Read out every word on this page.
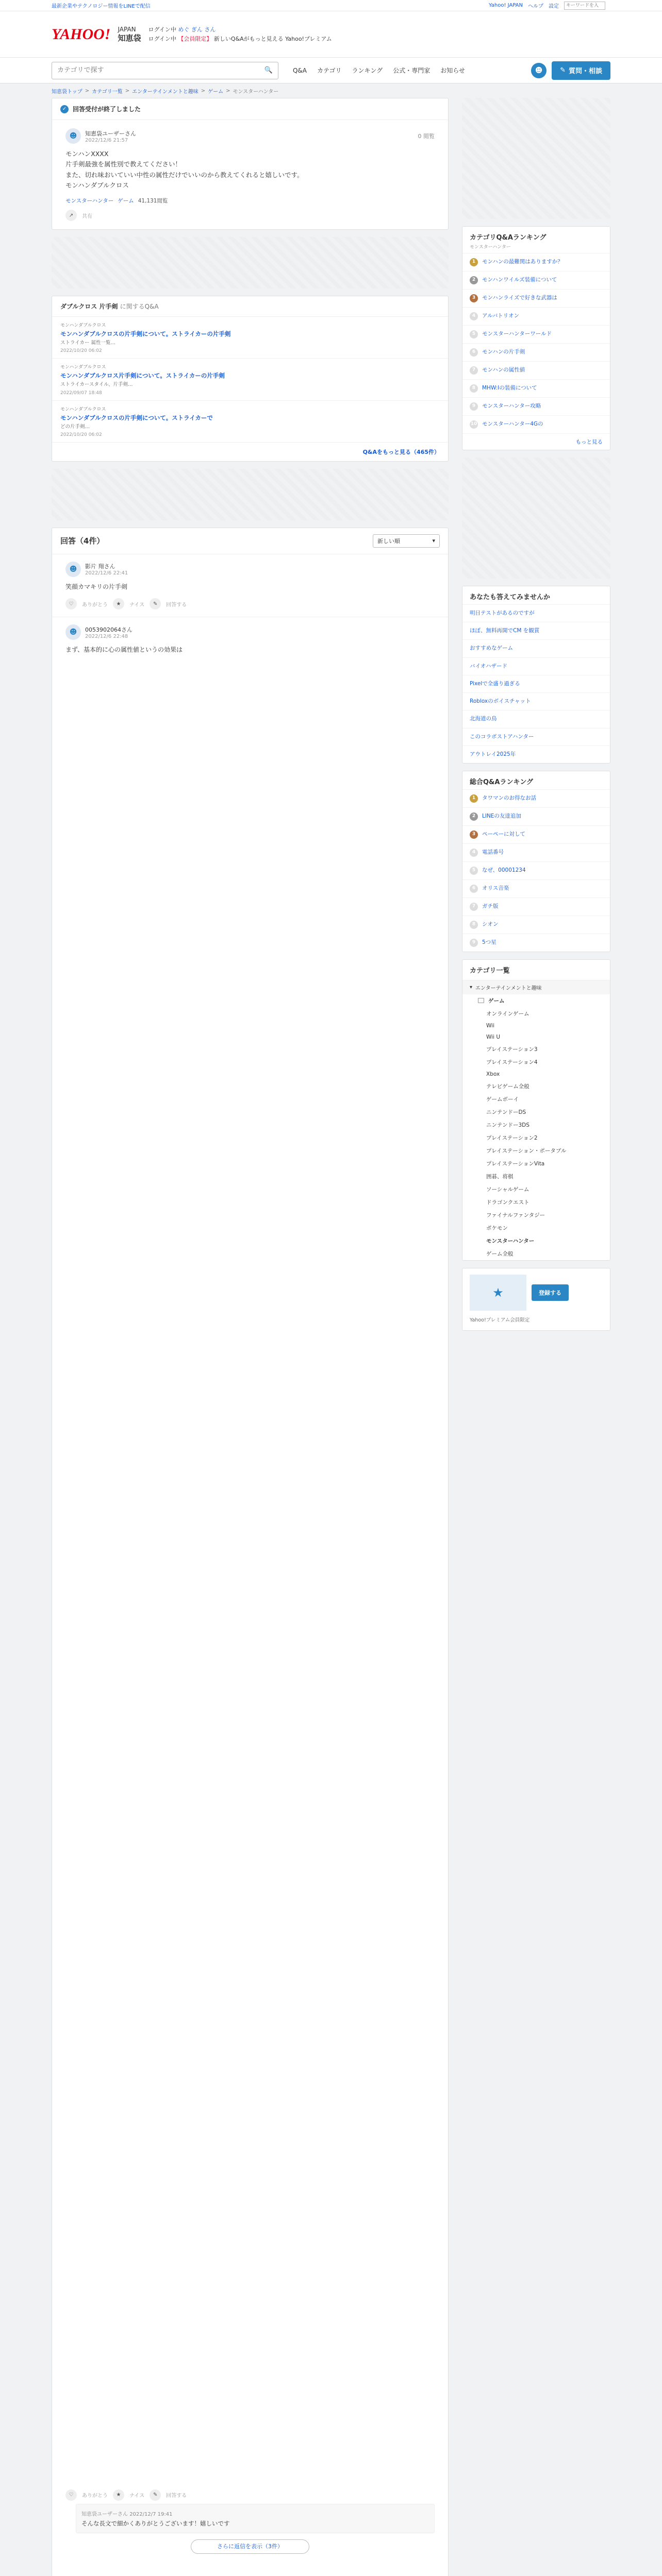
最新企業やテクノロジー情報をLINEで配信	Yahoo! JAPAN ヘルプ 設定
キーワードを入
YAHOO! JAPAN
知恵袋
ログイン中 めぐ ぎん さん
ログイン中 【会員限定】 新しいQ&Aがもっと見える Yahoo!プレミアム
カテゴリで探す
🔍	Q&A カテゴリ ランキング 公式・専門家 お知らせ	☻	✎ 質問・相談
知恵袋トップ > カテゴリ一覧 > エンターテインメントと趣味 > ゲーム > モンスターハンター
✓ 回答受付が終了しました
☻	知恵袋ユーザーさん
2022/12/6 21:57
0 閲覧
モンハンXXXX
片手剣最強を属性別で教えてください！
また、切れ味おいていい中性の属性だけでいいのから教えてくれると嬉しいです。
モンハンダブルクロス
モンスターハンター ゲーム 41,131閲覧
↗	共有
ダブルクロス 片手剣 に関するQ&A
モンハンダブルクロス
モンハンダブルクロスの片手剣について。ストライカーの片手剣
ストライカー 属性一覧…
2022/10/20 06:02
モンハンダブルクロス
モンハンダブルクロス片手剣について。ストライカーの片手剣
ストライカースタイル、片手剣…
2022/09/07 18:48
モンハンダブルクロス
モンハンダブルクロスの片手剣について。ストライカーで
どの片手剣…
2022/10/20 06:02
Q&Aをもっと見る（465件）
回答（4件）	新しい順	▾
☻	影片 翔さん
2022/12/6 22:41
笑顔カマキリの片手剣
♡	ありがとう	★	ナイス	✎	回答する
☻	0053902064さん
2022/12/6 22:48
まず、基本的に心の属性値というの効果は
♡	ありがとう	★	ナイス	✎	回答する
知恵袋ユーザーさん 2022/12/7 19:41
そんな長文で細かくありがとうございます！嬉しいです
さらに返信を表示（3件）
カテゴリQ&Aランキング
モンスターハンター
1	モンハンの最難関はありますか？
2	モンハンワイルズ装備について
3	モンハンライズで好きな武器は
4	アルバトリオン
5	モンスターハンターワールド
6	モンハンの片手剣
7	モンハンの属性値
8	MHW:Iの装備について
9	モンスターハンター攻略
10 モンスターハンター4Gの
もっと見る
あなたも答えてみませんか
明日テストがあるのですが
ほぼ、無料再開でCM を観賞
おすすめなゲーム
バイオハザード
Pixelで全盛り過ぎる
Robloxのボイスチャット
北海道の鳥
このコラボストアハンター
アウトレイ2025年
総合Q&Aランキング
1	タワマンのお得なお話
2	LINEの友達追加
3	ペーペーに対して
4	電話番号
5	なぜ、00001234
6	オリス音楽
7	ガチ版
8	シオン
9	5つ星
カテゴリ一覧
▾ エンターテインメントと趣味
ゲーム
オンラインゲーム
Wii
Wii U
プレイステーション3
プレイステーション4
Xbox
テレビゲーム全般
ゲームボーイ
ニンテンドーDS
ニンテンドー3DS
プレイステーション2
プレイステーション・ポータブル
プレイステーションVita
囲碁、将棋
ソーシャルゲーム
ドラゴンクエスト
ファイナルファンタジー
ポケモン
モンスターハンター
ゲーム全般
★	登録する
Yahoo!プレミアム会員限定
